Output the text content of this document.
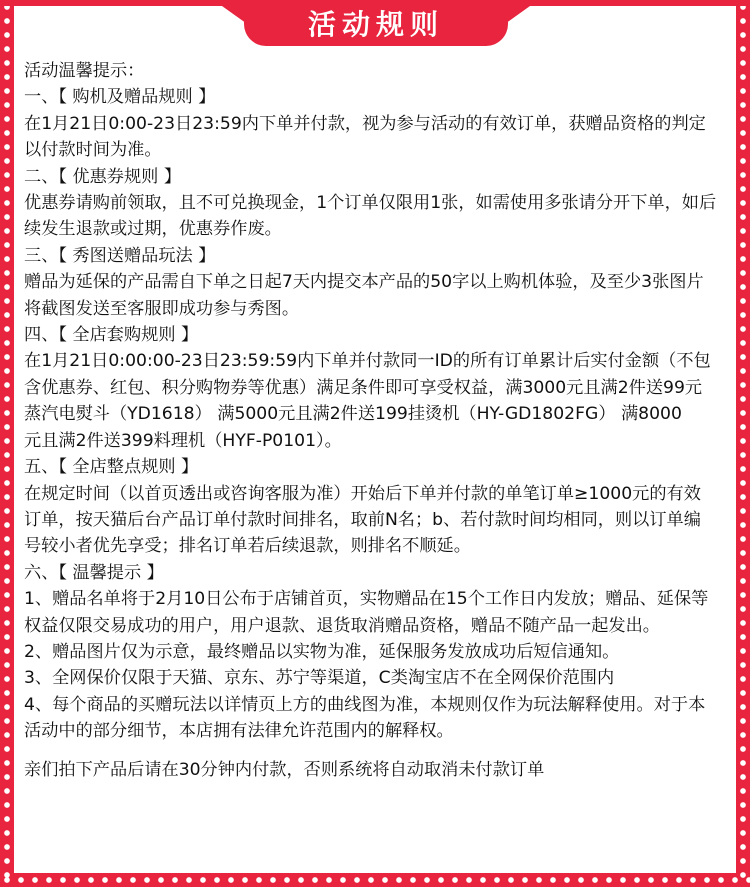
活动规则
活动温馨提示：
一、【 购机及赠品规则 】
在1月21日0:00-23日23:59内下单并付款，视为参与活动的有效订单，获赠品资格的判定
以付款时间为准。
二、【 优惠券规则 】
优惠券请购前领取，且不可兑换现金，1个订单仅限用1张，如需使用多张请分开下单，如后
续发生退款或过期，优惠券作废。
三、【 秀图送赠品玩法 】
赠品为延保的产品需自下单之日起7天内提交本产品的50字以上购机体验，及至少3张图片
将截图发送至客服即成功参与秀图。
四、【 全店套购规则 】
在1月21日0:00:00-23日23:59:59内下单并付款同一ID的所有订单累计后实付金额（不包
含优惠券、红包、积分购物券等优惠）满足条件即可享受权益，满3000元且满2件送99元
蒸汽电熨斗（YD1618） 满5000元且满2件送199挂烫机（HY-GD1802FG） 满8000
元且满2件送399料理机（HYF-P0101）。
五、【 全店整点规则 】
在规定时间（以首页透出或咨询客服为准）开始后下单并付款的单笔订单≥1000元的有效
订单，按天猫后台产品订单付款时间排名，取前N名；b、若付款时间均相同，则以订单编
号较小者优先享受；排名订单若后续退款，则排名不顺延。
六、【 温馨提示 】
1、赠品名单将于2月10日公布于店铺首页，实物赠品在15个工作日内发放；赠品、延保等
权益仅限交易成功的用户，用户退款、退货取消赠品资格，赠品不随产品一起发出。
2、赠品图片仅为示意，最终赠品以实物为准，延保服务发放成功后短信通知。
3、全网保价仅限于天猫、京东、苏宁等渠道，C类淘宝店不在全网保价范围内
4、每个商品的买赠玩法以详情页上方的曲线图为准，本规则仅作为玩法解释使用。对于本
活动中的部分细节，本店拥有法律允许范围内的解释权。
亲们拍下产品后请在30分钟内付款，否则系统将自动取消未付款订单
